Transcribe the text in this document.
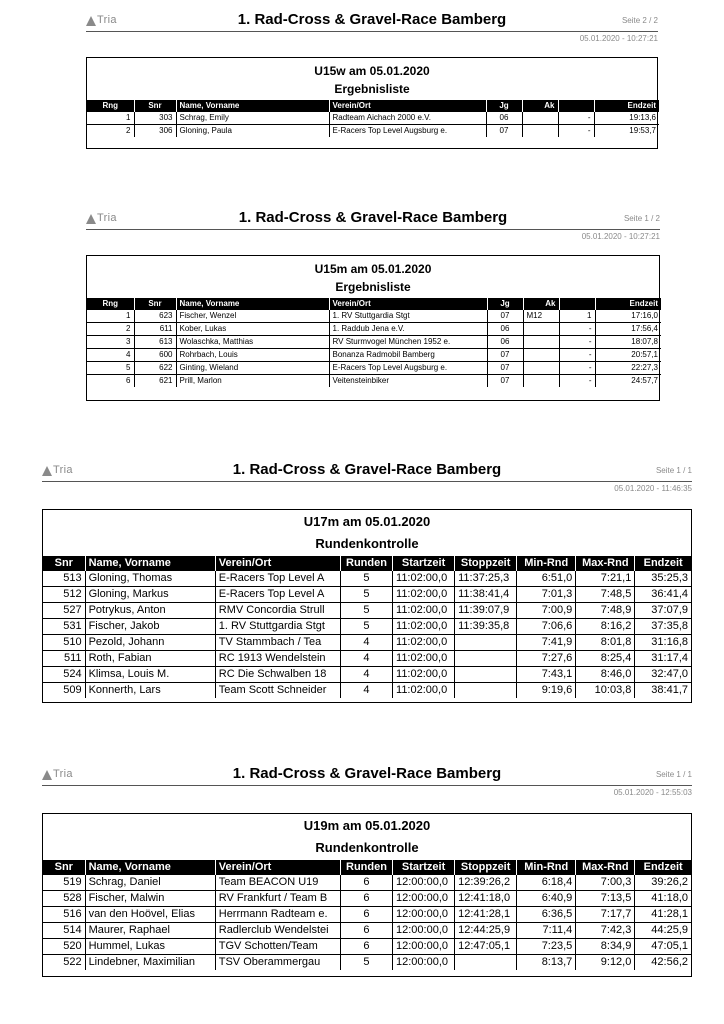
Tria	1. Rad-Cross & Gravel-Race Bamberg	Seite 2 / 2
05.01.2020 - 10:27:21
U15w am 05.01.2020
Ergebnisliste
Rng	Snr	Name, Vorname	Verein/Ort	Jg	Ak		Endzeit
1	303	Schrag, Emily	Radteam Aichach 2000 e.V.	06		-	19:13,6
2	306	Gloning, Paula	E-Racers Top Level Augsburg e.	07		-	19:53,7
Tria	1. Rad-Cross & Gravel-Race Bamberg	Seite 1 / 2
05.01.2020 - 10:27:21
U15m am 05.01.2020
Ergebnisliste
Rng	Snr	Name, Vorname	Verein/Ort	Jg	Ak		Endzeit
1	623	Fischer, Wenzel	1. RV Stuttgardia Stgt	07	M12	1	17:16,0
2	611	Kober, Lukas	1. Raddub Jena e.V.	06		-	17:56,4
3	613	Wolaschka, Matthias	RV Sturmvogel München 1952 e.	06		-	18:07,8
4	600	Rohrbach, Louis	Bonanza Radmobil Bamberg	07		-	20:57,1
5	622	Ginting, Wieland	E-Racers Top Level Augsburg e.	07		-	22:27,3
6	621	Prill, Marlon	Veitensteinbiker	07		-	24:57,7
Tria	1. Rad-Cross & Gravel-Race Bamberg	Seite 1 / 1
05.01.2020 - 11:46:35
U17m am 05.01.2020
Rundenkontrolle
Snr	Name, Vorname	Verein/Ort	Runden	Startzeit	Stoppzeit	Min-Rnd	Max-Rnd	Endzeit
513	Gloning, Thomas	E-Racers Top Level A	5	11:02:00,0	11:37:25,3	6:51,0	7:21,1	35:25,3
512	Gloning, Markus	E-Racers Top Level A	5	11:02:00,0	11:38:41,4	7:01,3	7:48,5	36:41,4
527	Potrykus, Anton	RMV Concordia Strull	5	11:02:00,0	11:39:07,9	7:00,9	7:48,9	37:07,9
531	Fischer, Jakob	1. RV Stuttgardia Stgt	5	11:02:00,0	11:39:35,8	7:06,6	8:16,2	37:35,8
510	Pezold, Johann	TV Stammbach / Tea	4	11:02:00,0		7:41,9	8:01,8	31:16,8
511	Roth, Fabian	RC 1913 Wendelstein	4	11:02:00,0		7:27,6	8:25,4	31:17,4
524	Klimsa, Louis M.	RC Die Schwalben 18	4	11:02:00,0		7:43,1	8:46,0	32:47,0
509	Konnerth, Lars	Team Scott Schneider	4	11:02:00,0		9:19,6	10:03,8	38:41,7
Tria	1. Rad-Cross & Gravel-Race Bamberg	Seite 1 / 1
05.01.2020 - 12:55:03
U19m am 05.01.2020
Rundenkontrolle
Snr	Name, Vorname	Verein/Ort	Runden	Startzeit	Stoppzeit	Min-Rnd	Max-Rnd	Endzeit
519	Schrag, Daniel	Team BEACON U19	6	12:00:00,0	12:39:26,2	6:18,4	7:00,3	39:26,2
528	Fischer, Malwin	RV Frankfurt / Team B	6	12:00:00,0	12:41:18,0	6:40,9	7:13,5	41:18,0
516	van den Hoövel, Elias	Herrmann Radteam e.	6	12:00:00,0	12:41:28,1	6:36,5	7:17,7	41:28,1
514	Maurer, Raphael	Radlerclub Wendelstei	6	12:00:00,0	12:44:25,9	7:11,4	7:42,3	44:25,9
520	Hummel, Lukas	TGV Schotten/Team	6	12:00:00,0	12:47:05,1	7:23,5	8:34,9	47:05,1
522	Lindebner, Maximilian	TSV Oberammergau	5	12:00:00,0		8:13,7	9:12,0	42:56,2
